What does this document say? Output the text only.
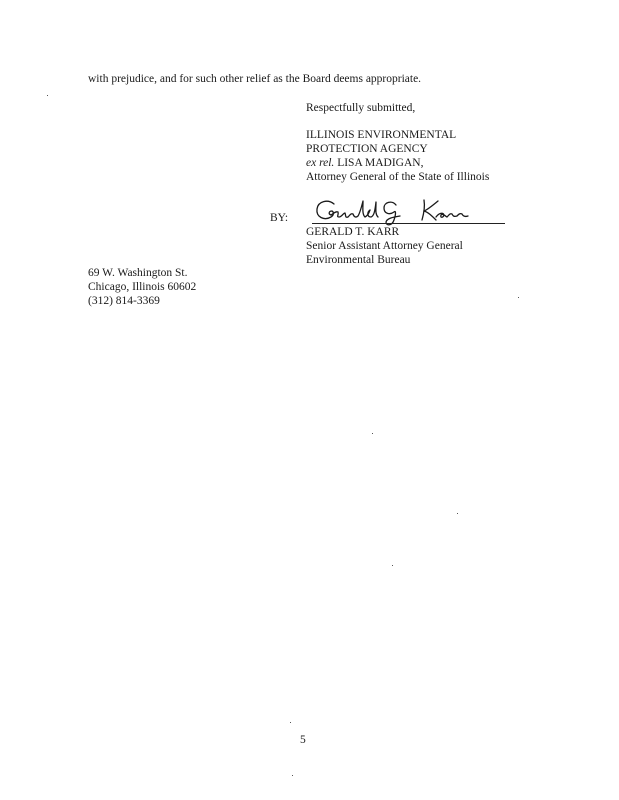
with prejudice, and for such other relief as the Board deems appropriate.
Respectfully submitted,
ILLINOIS ENVIRONMENTAL
PROTECTION AGENCY
ex rel. LISA MADIGAN,
Attorney General of the State of Illinois
BY:
GERALD T. KARR
Senior Assistant Attorney General
Environmental Bureau
69 W. Washington St.
Chicago, Illinois 60602
(312) 814-3369
5
